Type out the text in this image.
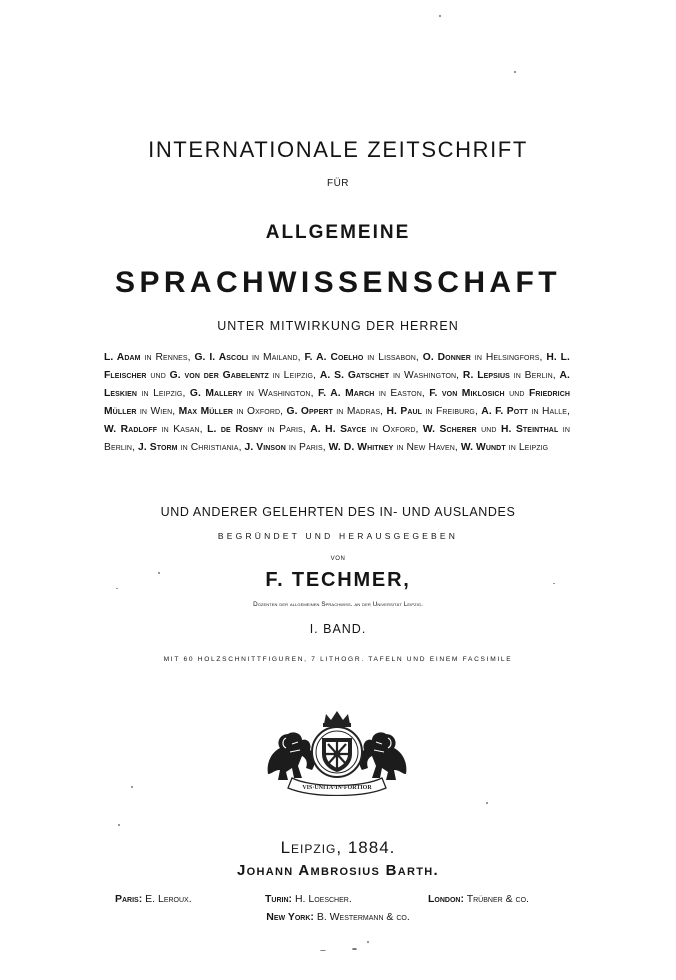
INTERNATIONALE ZEITSCHRIFT
FÜR
ALLGEMEINE
SPRACHWISSENSCHAFT
UNTER MITWIRKUNG DER HERREN
L. Adam in Rennes, G. I. Ascoli in Mailand, F. A. Coelho in Lissabon, O. Donner in Helsingfors, H. L. Fleischer und G. von der Gabelentz in Leipzig, A. S. Gatschet in Washington, R. Lepsius in Berlin, A. Leskien in Leipzig, G. Mallery in Washington, F. A. March in Easton, F. von Miklosich und Friedrich Müller in Wien, Max Müller in Oxford, G. Oppert in Madras, H. Paul in Freiburg, A. F. Pott in Halle, W. Radloff in Kasan, L. de Rosny in Paris, A. H. Sayce in Oxford, W. Scherer und H. Steinthal in Berlin, J. Storm in Christiania, J. Vinson in Paris, W. D. Whitney in New Haven, W. Wundt in Leipzig
UND ANDERER GELEHRTEN DES IN- UND AUSLANDES
BEGRÜNDET UND HERAUSGEGEBEN
VON
F. TECHMER,
Dozenten der allgemeinen Sprachwiss. an der Universität Leipzig.
I. BAND.
MIT 60 HOLZSCHNITTFIGUREN, 7 LITHOGR. TAFELN UND EINEM FACSIMILE
VIS·UNITA·IN·FORTIOR
Leipzig, 1884.
Johann Ambrosius Barth.
Paris: E. Leroux.	Turin: H. Loescher.	London: Trübner & co.
New York: B. Westermann & co.
